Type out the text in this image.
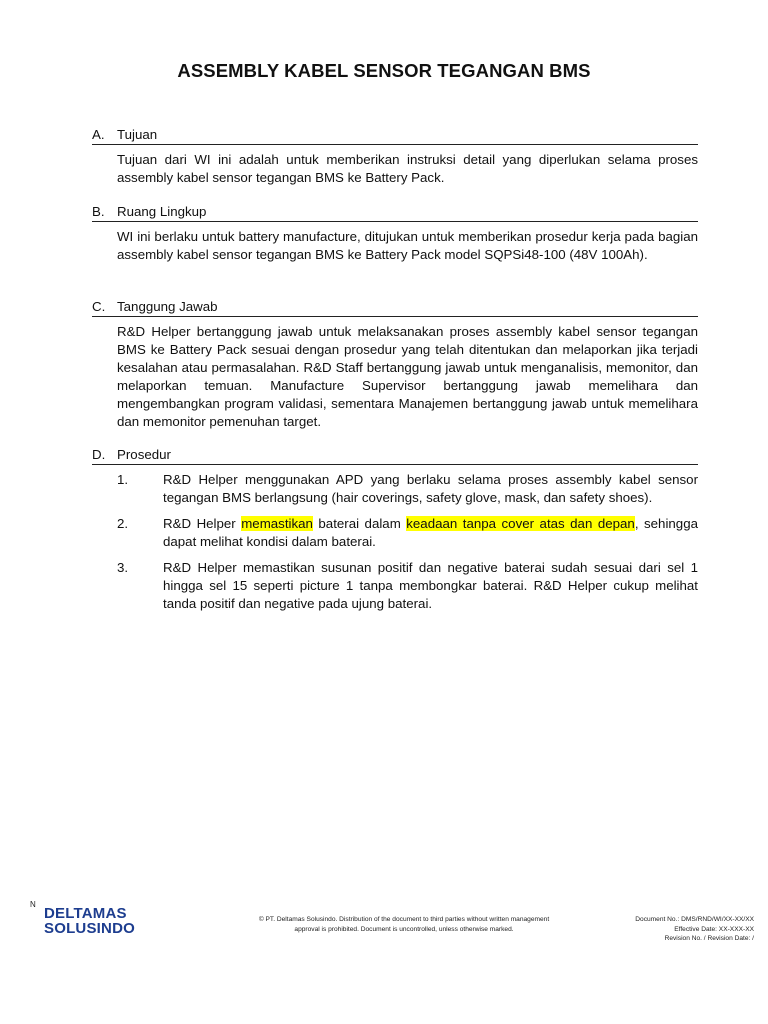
ASSEMBLY KABEL SENSOR TEGANGAN BMS
A. Tujuan
Tujuan dari WI ini adalah untuk memberikan instruksi detail yang diperlukan selama proses assembly kabel sensor tegangan BMS ke Battery Pack.
B. Ruang Lingkup
WI ini berlaku untuk battery manufacture, ditujukan untuk memberikan prosedur kerja pada bagian assembly kabel sensor tegangan BMS ke Battery Pack model SQPSi48-100 (48V 100Ah).
C. Tanggung Jawab
R&D Helper bertanggung jawab untuk melaksanakan proses assembly kabel sensor tegangan BMS ke Battery Pack sesuai dengan prosedur yang telah ditentukan dan melaporkan jika terjadi kesalahan atau permasalahan. R&D Staff bertanggung jawab untuk menganalisis, memonitor, dan melaporkan temuan. Manufacture Supervisor bertanggung jawab memelihara dan mengembangkan program validasi, sementara Manajemen bertanggung jawab untuk memelihara dan memonitor pemenuhan target.
D. Prosedur
1.	R&D Helper menggunakan APD yang berlaku selama proses assembly kabel sensor tegangan BMS berlangsung (hair coverings, safety glove, mask, dan safety shoes).
2.	R&D Helper memastikan baterai dalam keadaan tanpa cover atas dan depan, sehingga dapat melihat kondisi dalam baterai.
3.	R&D Helper memastikan susunan positif dan negative baterai sudah sesuai dari sel 1 hingga sel 15 seperti picture 1 tanpa membongkar baterai. R&D Helper cukup melihat tanda positif dan negative pada ujung baterai.
N
DELTAMAS
SOLUSINDO
© PT. Deltamas Solusindo. Distribution of the document to third parties without written management
approval is prohibited. Document is uncontrolled, unless otherwise marked.
Document No.: DMS/RND/WI/XX-XX/XX
Effective Date: XX-XXX-XX
Revision No. / Revision Date: /
